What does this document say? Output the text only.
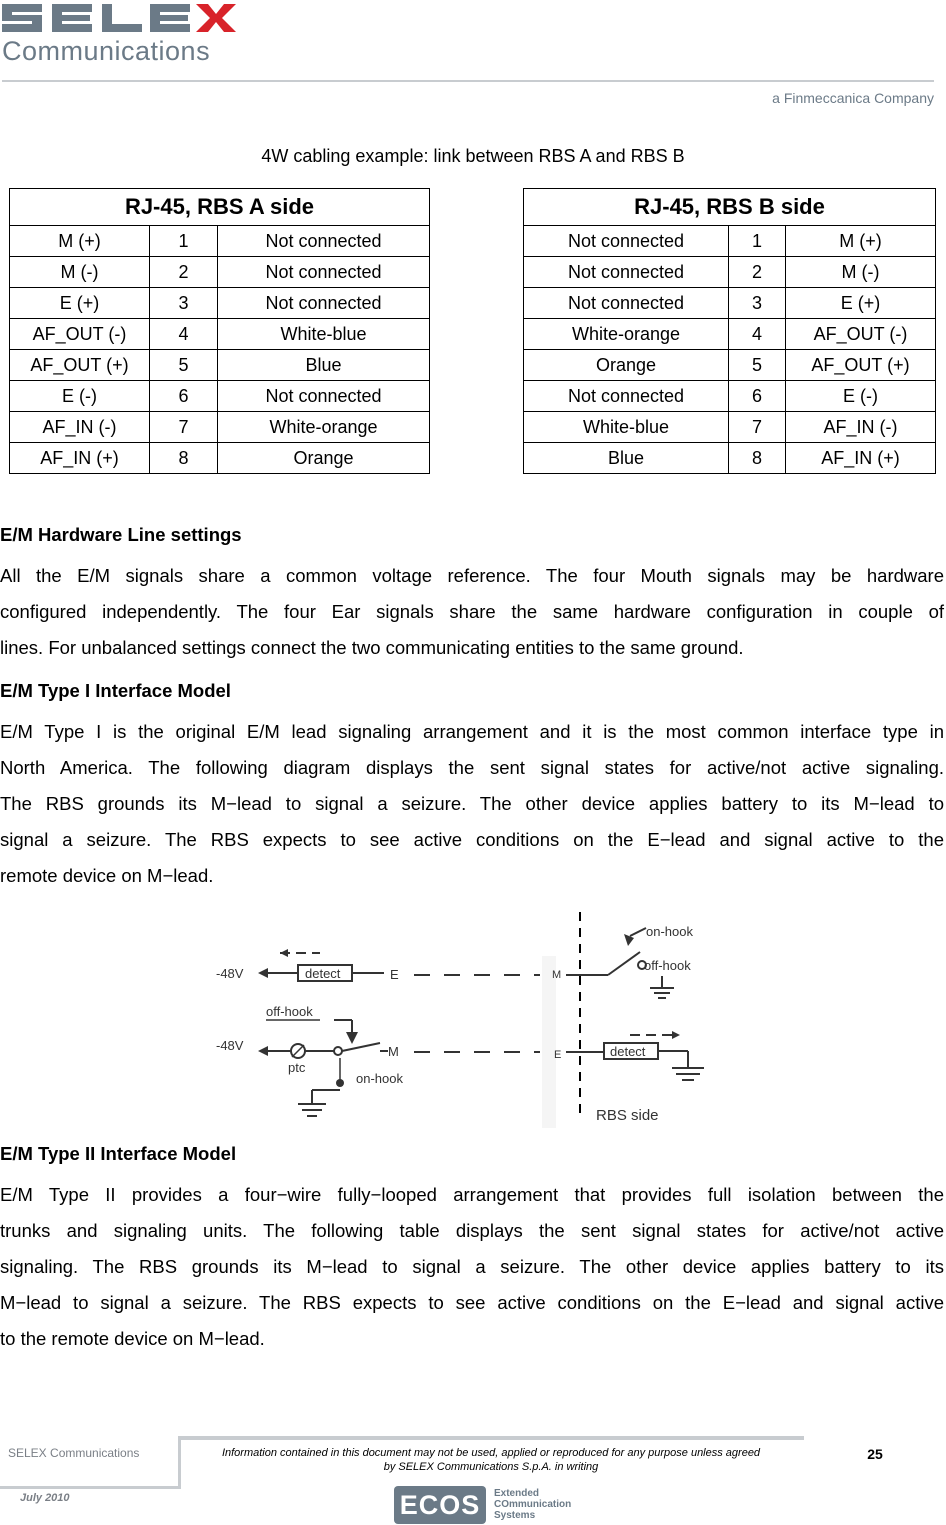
Communications
a Finmeccanica Company
4W cabling example: link between RBS A and RBS B
RJ-45, RBS A side		
M (+)	1	Not connected
M (-)	2	Not connected
E (+)	3	Not connected
AF_OUT (-)	4	White-blue
AF_OUT (+)	5	Blue
E (-)	6	Not connected
AF_IN (-)	7	White-orange
AF_IN (+)	8	Orange
RJ-45, RBS B side		
Not connected	1	M (+)
Not connected	2	M (-)
Not connected	3	E (+)
White-orange	4	AF_OUT (-)
Orange	5	AF_OUT (+)
Not connected	6	E (-)
White-blue	7	AF_IN (-)
Blue	8	AF_IN (+)
E/M Hardware Line settings
All the E/M signals share a common voltage reference. The four Mouth signals may be hardware
configured independently. The four Ear signals share the same hardware configuration in couple of
lines. For unbalanced settings connect the two communicating entities to the same ground.
E/M Type I Interface Model
E/M Type I is the original E/M lead signaling arrangement and it is the most common interface type in
North America. The following diagram displays the sent signal states for active/not active signaling.
The RBS grounds its M−lead to signal a seizure. The other device applies battery to its M−lead to
signal a seizure. The RBS expects to see active conditions on the E−lead and signal active to the
remote device on M−lead.
-48V	detect	E	M
on-hook
off-hook
off-hook
-48V
ptc
M	E	detect
on-hook
RBS side
E/M Type II Interface Model
E/M Type II provides a four−wire fully−looped arrangement that provides full isolation between the
trunks and signaling units. The following table displays the sent signal states for active/not active
signaling. The RBS grounds its M−lead to signal a seizure. The other device applies battery to its
M−lead to signal a seizure. The RBS expects to see active conditions on the E−lead and signal active
to the remote device on M−lead.
SELEX Communications
July 2010
Information contained in this document may not be used, applied or reproduced for any purpose unless agreed
by SELEX Communications S.p.A. in writing
25
ECOS	Extended
COmmunication
Systems
